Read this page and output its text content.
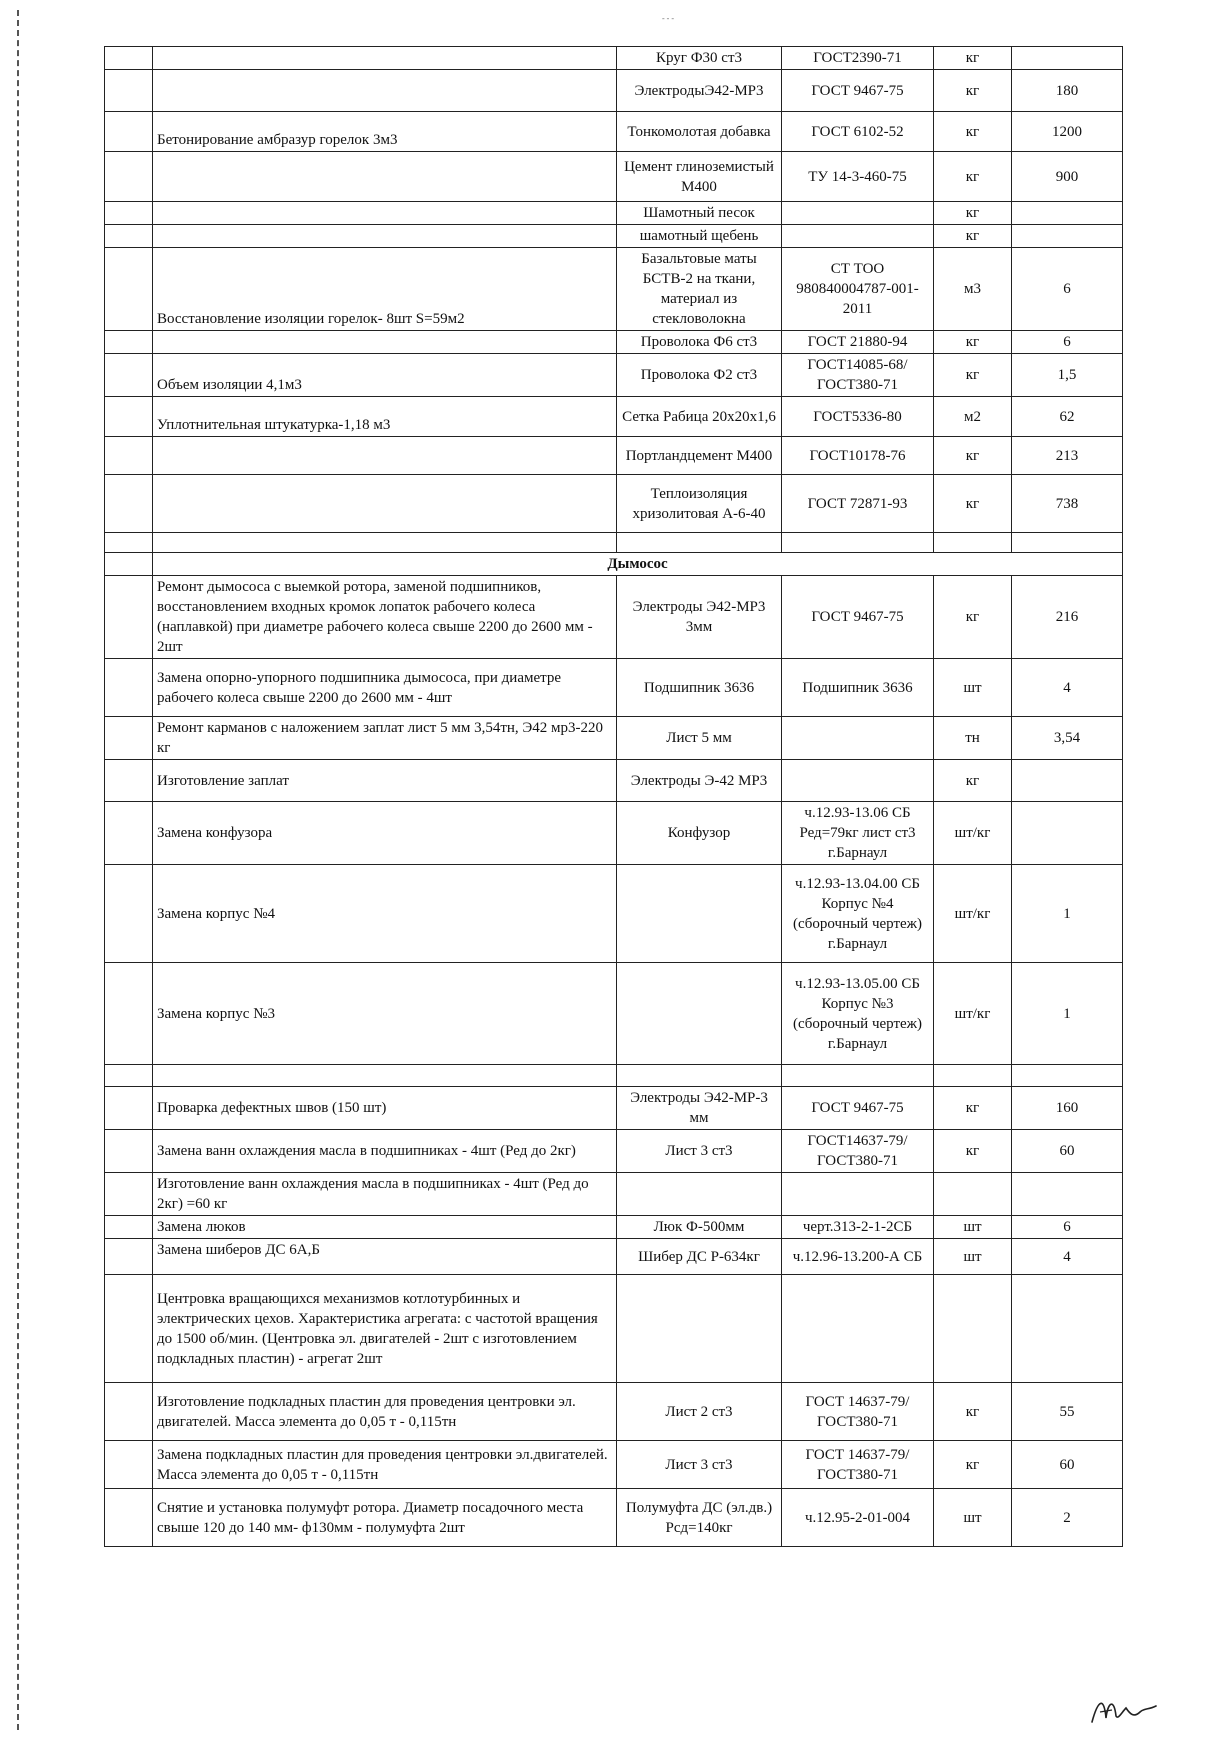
- - -
		Круг Ф30 ст3	ГОСТ2390-71	кг	
		ЭлектродыЭ42-МР3	ГОСТ 9467-75	кг	180
	Бетонирование амбразур горелок 3м3	Тонкомолотая добавка	ГОСТ 6102-52	кг	1200
		Цемент глиноземистый М400	ТУ 14-3-460-75	кг	900
		Шамотный песок		кг	
		шамотный щебень		кг	
	Восстановление изоляции горелок- 8шт S=59м2	Базальтовые маты БСТВ-2 на ткани, материал из стекловолокна	СТ ТОО 980840004787-001-2011	м3	6
		Проволока Ф6 ст3	ГОСТ 21880-94	кг	6
	Объем изоляции 4,1м3	Проволока Ф2 ст3	ГОСТ14085-68/ГОСТ380-71	кг	1,5
	Уплотнительная штукатурка-1,18 м3	Сетка Рабица 20х20х1,6	ГОСТ5336-80	м2	62
		Портландцемент М400	ГОСТ10178-76	кг	213
		Теплоизоляция хризолитовая А-6-40	ГОСТ 72871-93	кг	738

	Дымосос				
	Ремонт дымососа с выемкой ротора, заменой подшипников, восстановлением входных кромок лопаток рабочего колеса (наплавкой) при диаметре рабочего колеса свыше 2200 до 2600 мм - 2шт	Электроды Э42-МР3 3мм	ГОСТ 9467-75	кг	216
	Замена опорно-упорного подшипника дымососа, при диаметре рабочего колеса свыше 2200 до 2600 мм - 4шт	Подшипник 3636	Подшипник 3636	шт	4
	Ремонт карманов с наложением заплат лист 5 мм 3,54тн, Э42 мр3-220 кг	Лист 5 мм		тн	3,54
	Изготовление заплат	Электроды Э-42 МР3		кг	
	Замена конфузора	Конфузор	ч.12.93-13.06 СБ Ред=79кг лист ст3 г.Барнаул	шт/кг	
	Замена корпус №4		ч.12.93-13.04.00 СБ Корпус №4 (сборочный чертеж) г.Барнаул	шт/кг	1
	Замена корпус №3		ч.12.93-13.05.00 СБ Корпус №3 (сборочный чертеж) г.Барнаул	шт/кг	1

	Проварка дефектных швов (150 шт)	Электроды Э42-МР-3 мм	ГОСТ 9467-75	кг	160
	Замена ванн охлаждения масла в подшипниках - 4шт (Ред до 2кг)	Лист 3 ст3	ГОСТ14637-79/ГОСТ380-71	кг	60
	Изготовление ванн охлаждения масла в подшипниках - 4шт (Ред до 2кг) =60 кг				
	Замена люков	Люк Ф-500мм	черт.313-2-1-2СБ	шт	6
	Замена шиберов ДС 6А,Б	Шибер ДС Р-634кг	ч.12.96-13.200-А СБ	шт	4
	Центровка вращающихся механизмов котлотурбинных и электрических цехов. Характеристика агрегата: с частотой вращения до 1500 об/мин. (Центровка эл. двигателей - 2шт с изготовлением подкладных пластин) - агрегат 2шт				
	Изготовление подкладных пластин для проведения центровки эл. двигателей. Масса элемента до 0,05 т - 0,115тн	Лист 2 ст3	ГОСТ 14637-79/ГОСТ380-71	кг	55
	Замена подкладных пластин для проведения центровки эл.двигателей. Масса элемента до 0,05 т - 0,115тн	Лист 3 ст3	ГОСТ 14637-79/ГОСТ380-71	кг	60
	Снятие и установка полумуфт ротора. Диаметр посадочного места свыше 120 до 140 мм- ф130мм - полумуфта 2шт	Полумуфта ДС (эл.дв.) Рсд=140кг	ч.12.95-2-01-004	шт	2
